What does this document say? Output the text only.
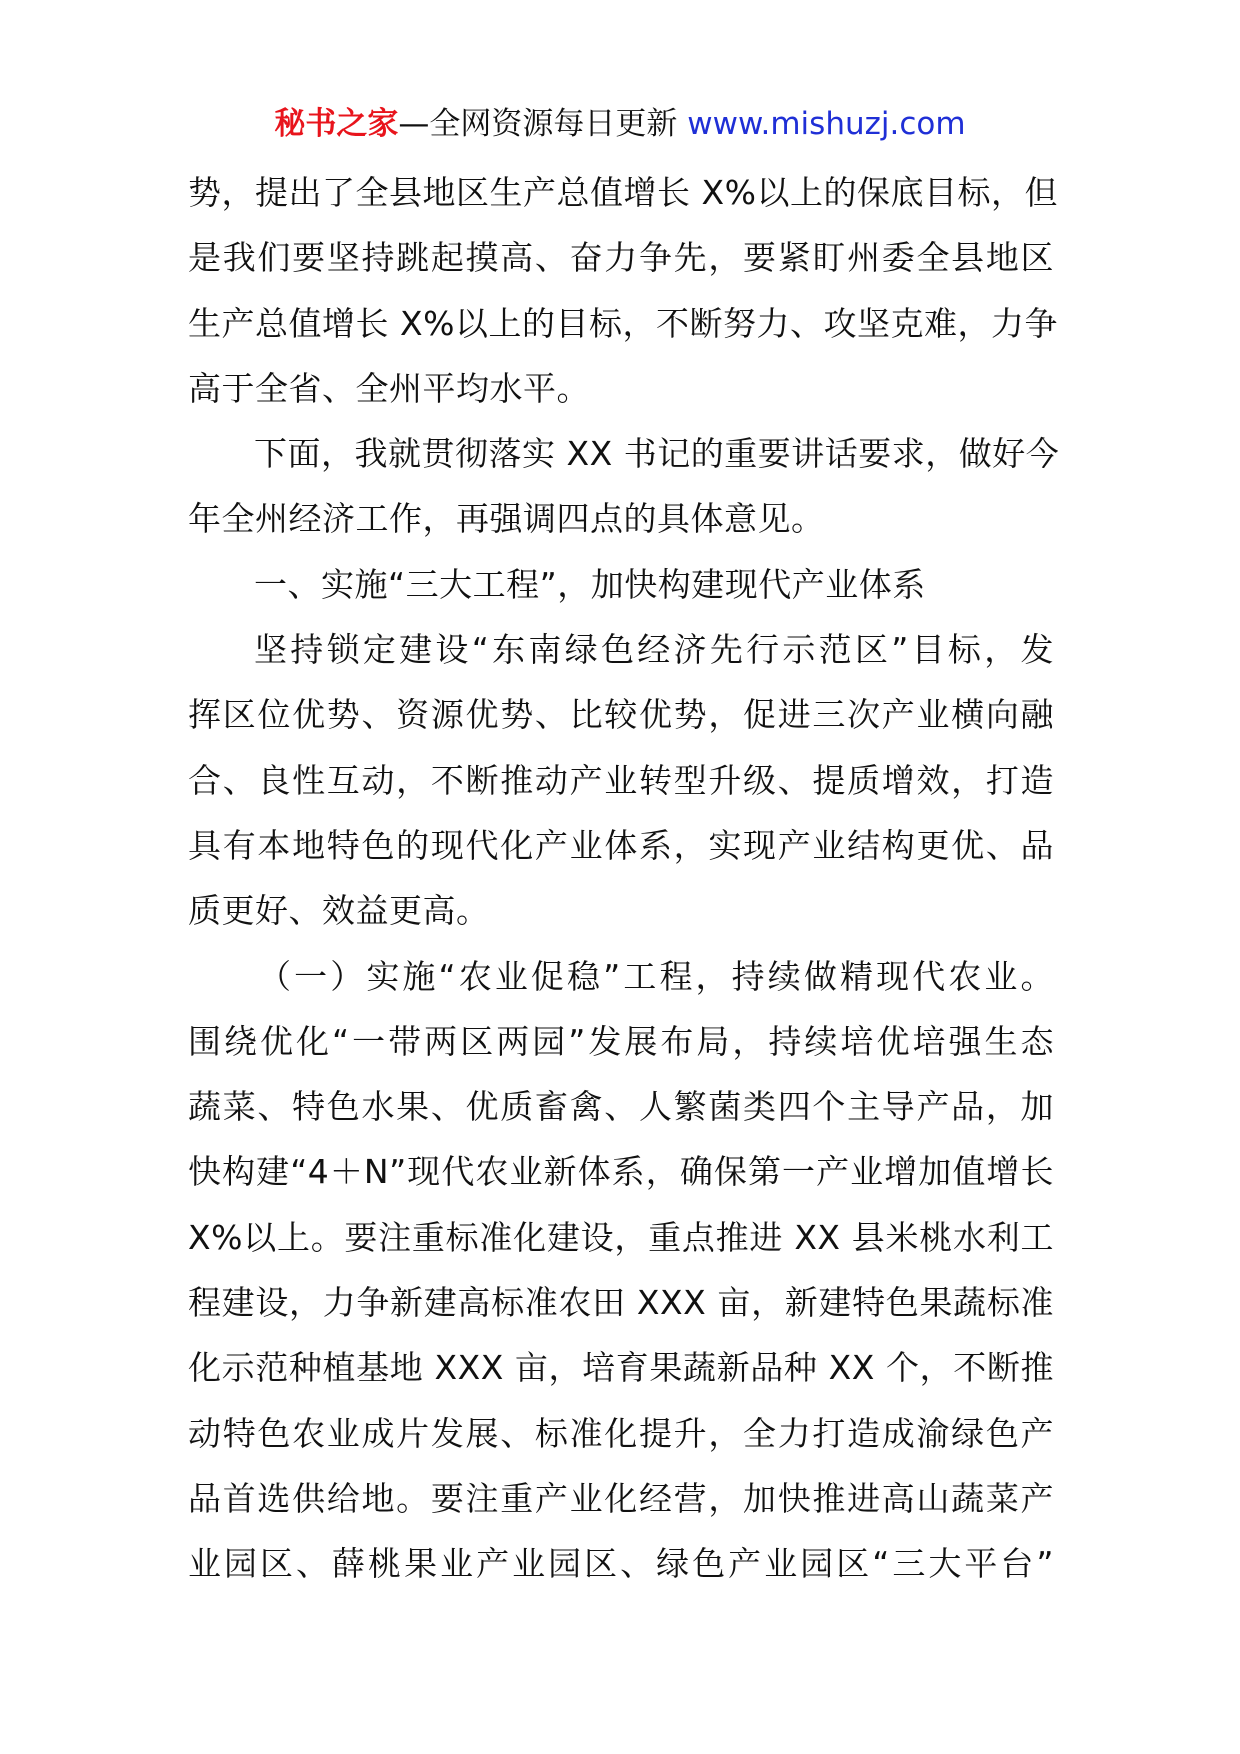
秘书之家—全网资源每日更新 www.mishuzj.com
势，提出了全县地区生产总值增长 X%以上的保底目标，但
是我们要坚持跳起摸高、奋力争先，要紧盯州委全县地区
生产总值增长 X%以上的目标，不断努力、攻坚克难，力争
高于全省、全州平均水平。
下面，我就贯彻落实 XX 书记的重要讲话要求，做好今
年全州经济工作，再强调四点的具体意见。
一、实施“三大工程”，加快构建现代产业体系
坚持锁定建设“东南绿色经济先行示范区”目标，发
挥区位优势、资源优势、比较优势，促进三次产业横向融
合、良性互动，不断推动产业转型升级、提质增效，打造
具有本地特色的现代化产业体系，实现产业结构更优、品
质更好、效益更高。
（一）实施“农业促稳”工程，持续做精现代农业。
围绕优化“一带两区两园”发展布局，持续培优培强生态
蔬菜、特色水果、优质畜禽、人繁菌类四个主导产品，加
快构建“4＋N”现代农业新体系，确保第一产业增加值增长
X%以上。要注重标准化建设，重点推进 XX 县米桃水利工
程建设，力争新建高标准农田 XXX 亩，新建特色果蔬标准
化示范种植基地 XXX 亩，培育果蔬新品种 XX 个，不断推
动特色农业成片发展、标准化提升，全力打造成渝绿色产
品首选供给地。要注重产业化经营，加快推进高山蔬菜产
业园区、薛桃果业产业园区、绿色产业园区“三大平台”
